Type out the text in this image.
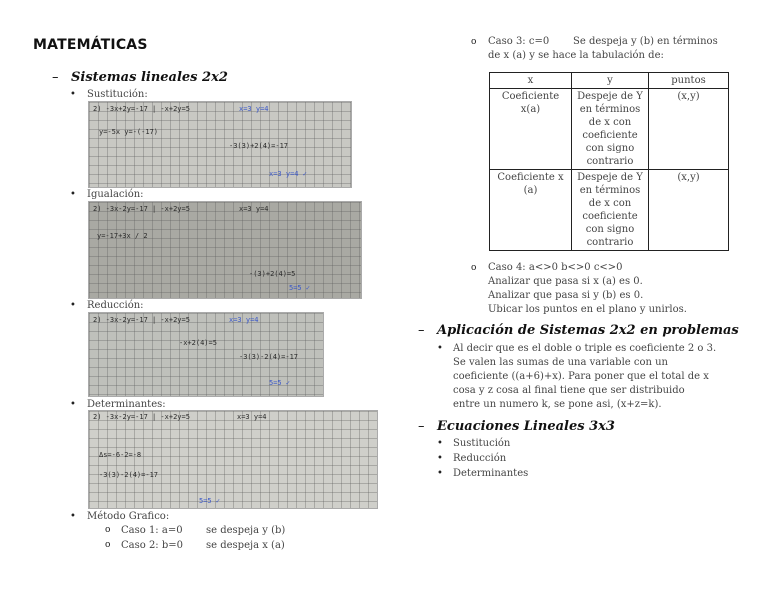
MATEMÁTICAS
– Sistemas lineales 2x2
• Sustitución:
2) -3x+2y=-17 | -x+2y=5	x=3 y=4
y=-5x y=-(-17)
-3(3)+2(4)=-17
x=3 y=4 ✓
• Igualación:
2) -3x-2y=-17 | -x+2y=5	x=3 y=4
y=-17+3x / 2
-(3)+2(4)=5
5=5 ✓
• Reducción:
2) -3x-2y=-17 | -x+2y=5	x=3 y=4
-x+2(4)=5
-3(3)-2(4)=-17
5=5 ✓
• Determinantes:
2) -3x-2y=-17 | -x+2y=5	x=3 y=4
Δs=-6-2=-8
-3(3)-2(4)=-17
5=5 ✓
• Método Grafico:
o Caso 1: a=0 se despeja y (b)
o Caso 2: b=0 se despeja x (a)
o Caso 3: c=0 Se despeja y (b) en términos
de x (a) y se hace la tabulación de:
x	y	puntos
Coeficiente x(a)	Despeje de Y en términos de x con coeficiente con signo contrario	(x,y)
Coeficiente x (a)	Despeje de Y en términos de x con coeficiente con signo contrario	(x,y)
o Caso 4: a<>0 b<>0 c<>0
Analizar que pasa si x (a) es 0.
Analizar que pasa si y (b) es 0.
Ubicar los puntos en el plano y unirlos.
– Aplicación de Sistemas 2x2 en problemas
• Al decir que es el doble o triple es coeficiente 2 o 3.
Se valen las sumas de una variable con un
coeficiente ((a+6)+x). Para poner que el total de x
cosa y z cosa al final tiene que ser distribuido
entre un numero k, se pone asi, (x+z=k).
– Ecuaciones Lineales 3x3
• Sustitución
• Reducción
• Determinantes
